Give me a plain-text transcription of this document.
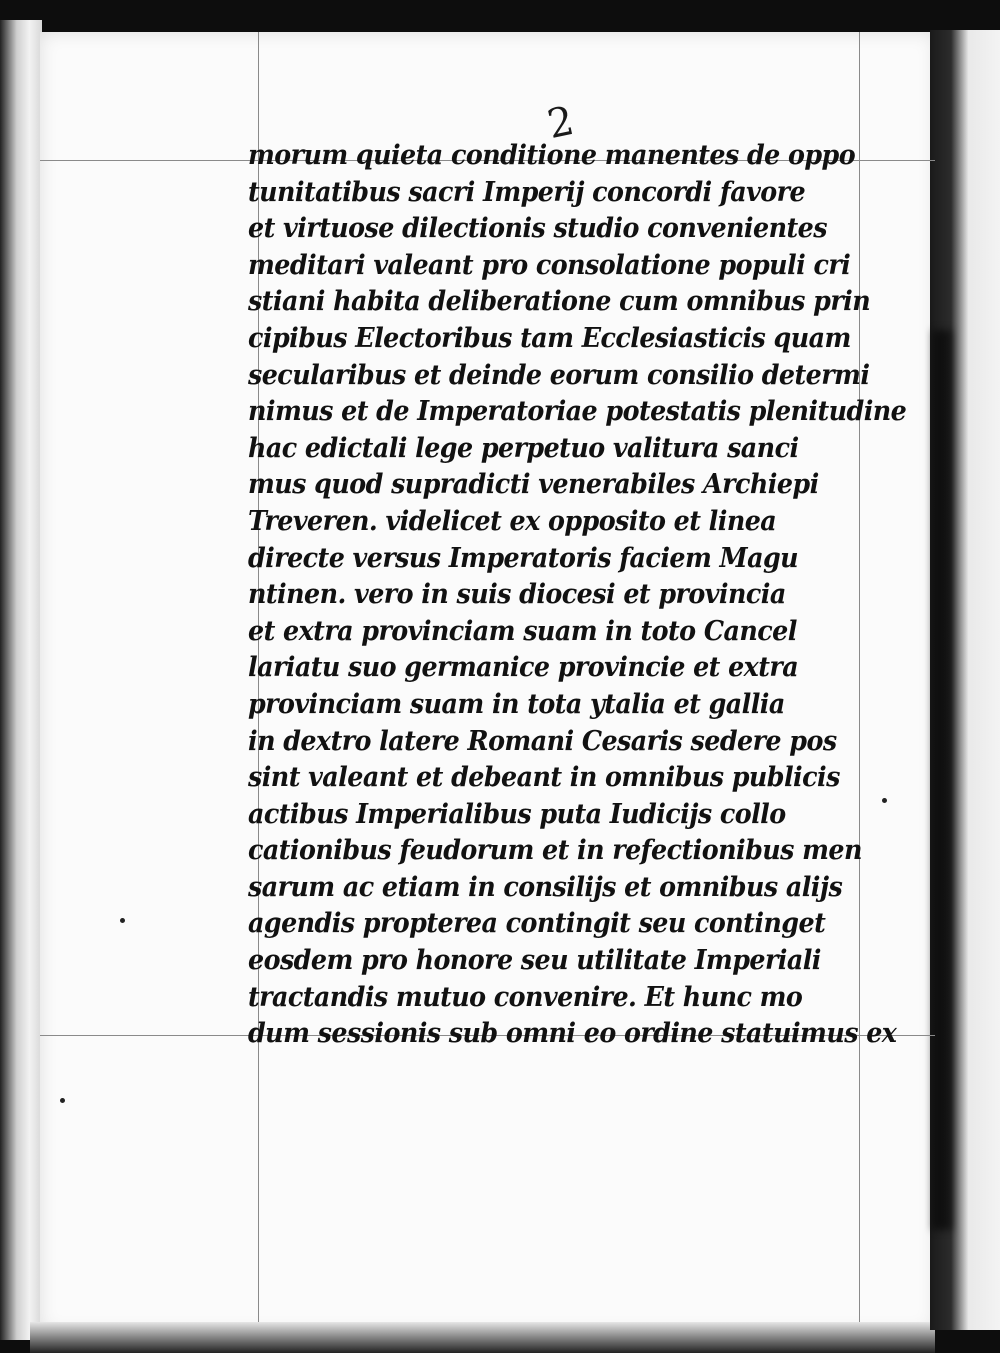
2
morum quieta conditione manentes de oppo
tunitatibus sacri Imperij concordi favore
et virtuose dilectionis studio convenientes
meditari valeant pro consolatione populi cri
stiani habita deliberatione cum omnibus prin
cipibus Electoribus tam Ecclesiasticis quam
secularibus et deinde eorum consilio determi
nimus et de Imperatoriae potestatis plenitudine
hac edictali lege perpetuo valitura sanci
mus quod supradicti venerabiles Archiepi
Treveren. videlicet ex opposito et linea
directe versus Imperatoris faciem Magu
ntinen. vero in suis diocesi et provincia
et extra provinciam suam in toto Cancel
lariatu suo germanice provincie et extra
provinciam suam in tota ytalia et gallia
in dextro latere Romani Cesaris sedere pos
sint valeant et debeant in omnibus publicis
actibus Imperialibus puta Iudicijs collo
cationibus feudorum et in refectionibus men
sarum ac etiam in consilijs et omnibus alijs
agendis propterea contingit seu continget
eosdem pro honore seu utilitate Imperiali
tractandis mutuo convenire. Et hunc mo
dum sessionis sub omni eo ordine statuimus ex
